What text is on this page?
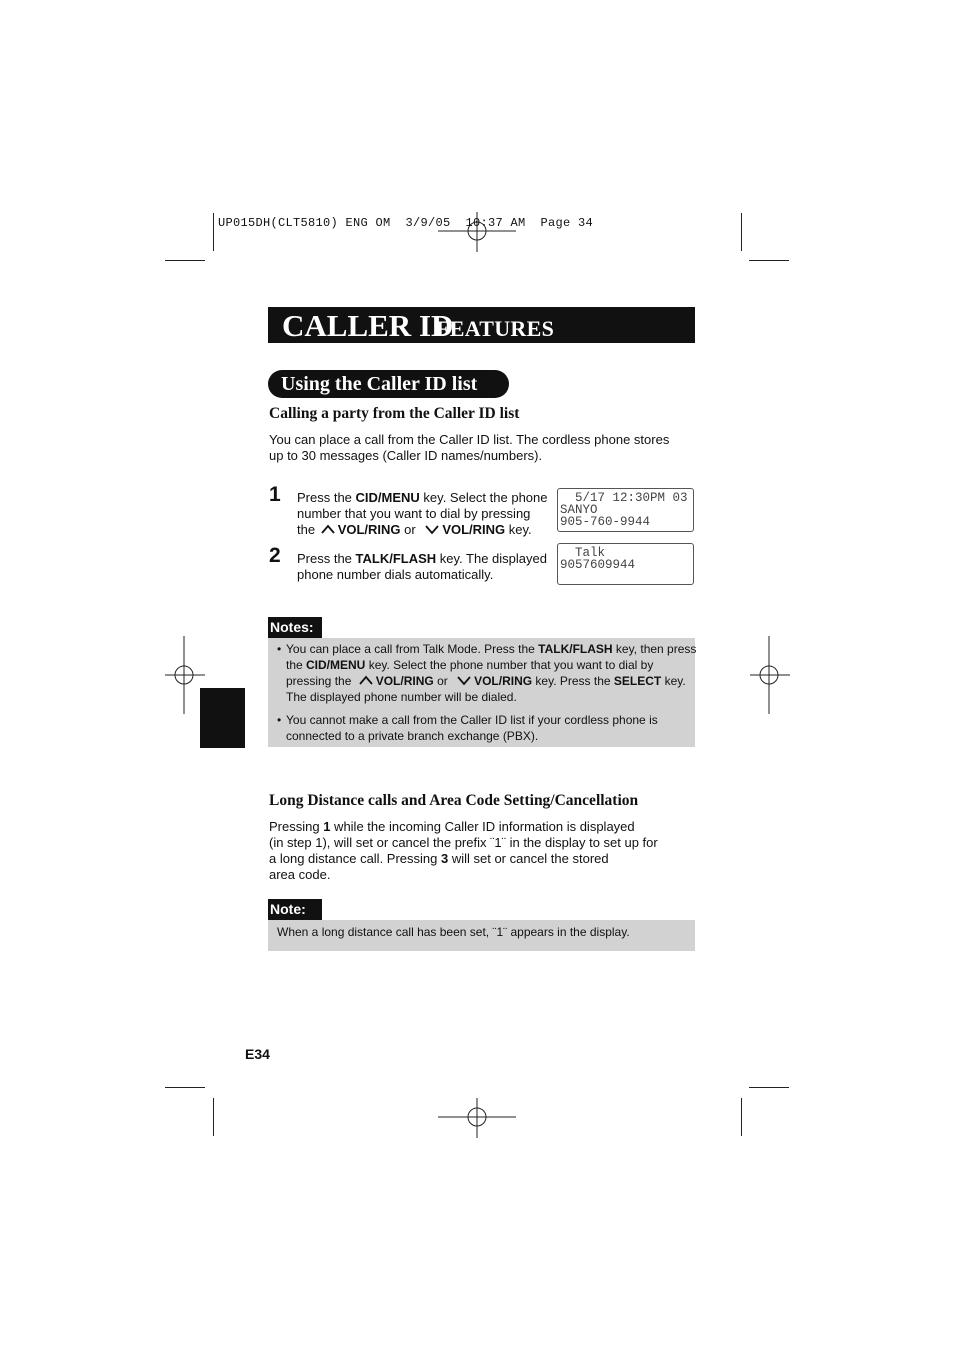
UP015DH(CLT5810) ENG OM  3/9/05  10:37 AM  Page 34
CALLER ID
FEATURES
Using the Caller ID list
Calling a party from the Caller ID list
You can place a call from the Caller ID list. The cordless phone stores
up to 30 messages (Caller ID names/numbers).
1 Press the CID/MENU key. Select the phone
number that you want to dial by pressing
the VOL/RING or VOL/RING key.
5/17 12:30PM 03
SANYO
905-760-9944
2 Press the TALK/FLASH key. The displayed
phone number dials automatically.
Talk
9057609944
Notes:
• You can place a call from Talk Mode. Press the TALK/FLASH key, then press
the CID/MENU key. Select the phone number that you want to dial by
pressing the VOL/RING or VOL/RING key. Press the SELECT key.
The displayed phone number will be dialed.
• You cannot make a call from the Caller ID list if your cordless phone is
connected to a private branch exchange (PBX).
Long Distance calls and Area Code Setting/Cancellation
Pressing 1 while the incoming Caller ID information is displayed
(in step 1), will set or cancel the prefix ¨1¨ in the display to set up for
a long distance call. Pressing 3 will set or cancel the stored
area code.
Note:
When a long distance call has been set, ¨1¨ appears in the display.
E34
